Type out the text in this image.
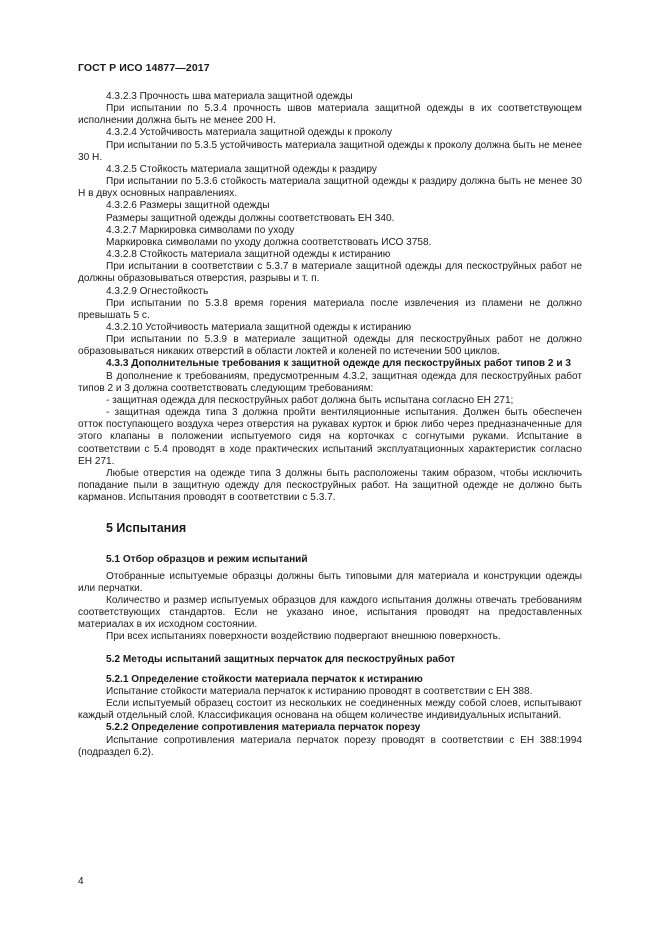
ГОСТ Р ИСО 14877—2017

4.3.2.3 Прочность шва материала защитной одежды

При испытании по 5.3.4 прочность швов материала защитной одежды в их соответствующем исполнении должна быть не менее 200 Н.

4.3.2.4 Устойчивость материала защитной одежды к проколу

При испытании по 5.3.5 устойчивость материала защитной одежды к проколу должна быть не менее 30 Н.

4.3.2.5 Стойкость материала защитной одежды к раздиру

При испытании по 5.3.6 стойкость материала защитной одежды к раздиру должна быть не менее 30 Н в двух основных направлениях.

4.3.2.6 Размеры защитной одежды

Размеры защитной одежды должны соответствовать ЕН 340.

4.3.2.7 Маркировка символами по уходу

Маркировка символами по уходу должна соответствовать ИСО 3758.

4.3.2.8 Стойкость материала защитной одежды к истиранию

При испытании в соответствии с 5.3.7 в материале защитной одежды для пескоструйных работ не должны образовываться отверстия, разрывы и т. п.

4.3.2.9 Огнестойкость

При испытании по 5.3.8 время горения материала после извлечения из пламени не должно превышать 5 с.

4.3.2.10 Устойчивость материала защитной одежды к истиранию

При испытании по 5.3.9 в материале защитной одежды для пескоструйных работ не должно образовываться никаких отверстий в области локтей и коленей по истечении 500 циклов.

4.3.3 Дополнительные требования к защитной одежде для пескоструйных работ типов 2 и 3

В дополнение к требованиям, предусмотренным 4.3.2, защитная одежда для пескоструйных работ типов 2 и 3 должна соответствовать следующим требованиям:

- защитная одежда для пескоструйных работ должна быть испытана согласно ЕН 271;

- защитная одежда типа 3 должна пройти вентиляционные испытания. Должен быть обеспечен отток поступающего воздуха через отверстия на рукавах курток и брюк либо через предназначенные для этого клапаны в положении испытуемого сидя на корточках с согнутыми руками. Испытание в соответствии с 5.4 проводят в ходе практических испытаний эксплуатационных характеристик согласно ЕН 271.

Любые отверстия на одежде типа 3 должны быть расположены таким образом, чтобы исключить попадание пыли в защитную одежду для пескоструйных работ. На защитной одежде не должно быть карманов. Испытания проводят в соответствии с 5.3.7.

5 Испытания
5.1 Отбор образцов и режим испытаний

Отобранные испытуемые образцы должны быть типовыми для материала и конструкции одежды или перчатки.

Количество и размер испытуемых образцов для каждого испытания должны отвечать требованиям соответствующих стандартов. Если не указано иное, испытания проводят на предоставленных материалах в их исходном состоянии.

При всех испытаниях поверхности воздействию подвергают внешнюю поверхность.

5.2 Методы испытаний защитных перчаток для пескоструйных работ

5.2.1 Определение стойкости материала перчаток к истиранию

Испытание стойкости материала перчаток к истиранию проводят в соответствии с ЕН 388.

Если испытуемый образец состоит из нескольких не соединенных между собой слоев, испытывают каждый отдельный слой. Классификация основана на общем количестве индивидуальных испытаний.

5.2.2 Определение сопротивления материала перчаток порезу

Испытание сопротивления материала перчаток порезу проводят в соответствии с ЕН 388:1994 (подраздел 6.2).

4
